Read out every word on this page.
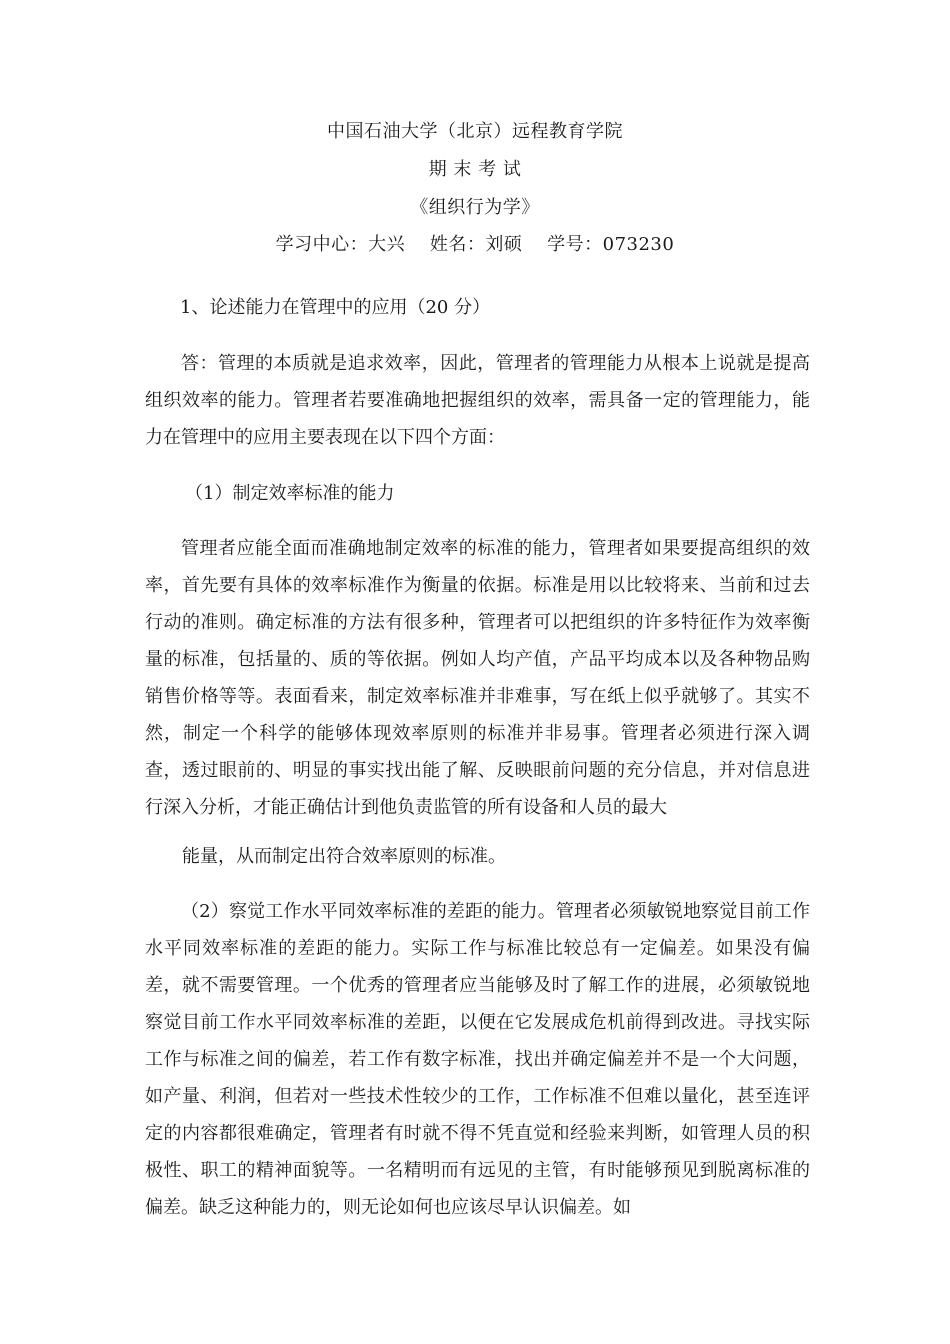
中国石油大学（北京）远程教育学院
期 末 考 试
《组织行为学》
学习中心：大兴　 姓名：刘硕　 学号：073230
1、论述能力在管理中的应用（20 分）

答：管理的本质就是追求效率，因此，管理者的管理能力从根本上说就是提高组织效率的能力。管理者若要准确地把握组织的效率，需具备一定的管理能力，能力在管理中的应用主要表现在以下四个方面：

（1）制定效率标准的能力

管理者应能全面而准确地制定效率的标准的能力，管理者如果要提高组织的效率，首先要有具体的效率标准作为衡量的依据。标准是用以比较将来、当前和过去行动的准则。确定标准的方法有很多种，管理者可以把组织的许多特征作为效率衡量的标准，包括量的、质的等依据。例如人均产值，产品平均成本以及各种物品购销售价格等等。表面看来，制定效率标准并非难事，写在纸上似乎就够了。其实不然，制定一个科学的能够体现效率原则的标准并非易事。管理者必须进行深入调查，透过眼前的、明显的事实找出能了解、反映眼前问题的充分信息，并对信息进行深入分析，才能正确估计到他负责监管的所有设备和人员的最大

能量，从而制定出符合效率原则的标准。

（2）察觉工作水平同效率标准的差距的能力。管理者必须敏锐地察觉目前工作水平同效率标准的差距的能力。实际工作与标准比较总有一定偏差。如果没有偏差，就不需要管理。一个优秀的管理者应当能够及时了解工作的进展，必须敏锐地察觉目前工作水平同效率标准的差距，以便在它发展成危机前得到改进。寻找实际工作与标准之间的偏差，若工作有数字标准，找出并确定偏差并不是一个大问题，如产量、利润，但若对一些技术性较少的工作，工作标准不但难以量化，甚至连评定的内容都很难确定，管理者有时就不得不凭直觉和经验来判断，如管理人员的积极性、职工的精神面貌等。一名精明而有远见的主管，有时能够预见到脱离标准的偏差。缺乏这种能力的，则无论如何也应该尽早认识偏差。如
